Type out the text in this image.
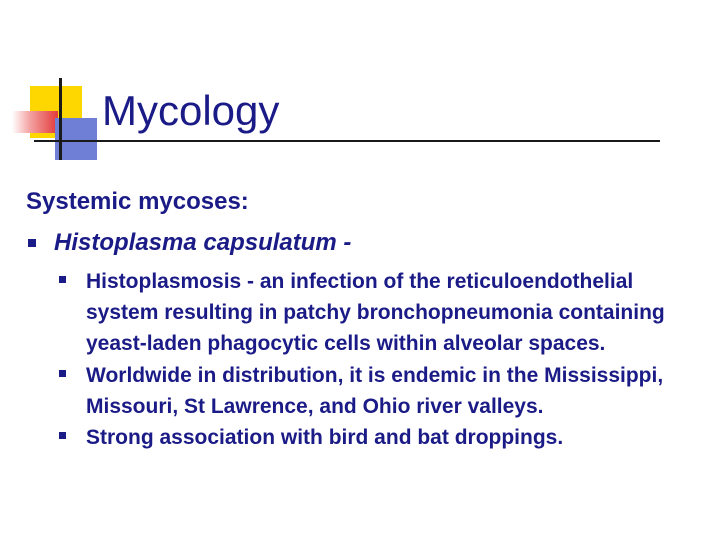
Mycology

Systemic mycoses:

Histoplasma capsulatum -
Histoplasmosis - an infection of the reticuloendothelial system resulting in patchy bronchopneumonia containing yeast-laden phagocytic cells within alveolar spaces.
Worldwide in distribution, it is endemic in the Mississippi, Missouri, St Lawrence, and Ohio river valleys.
Strong association with bird and bat droppings.
